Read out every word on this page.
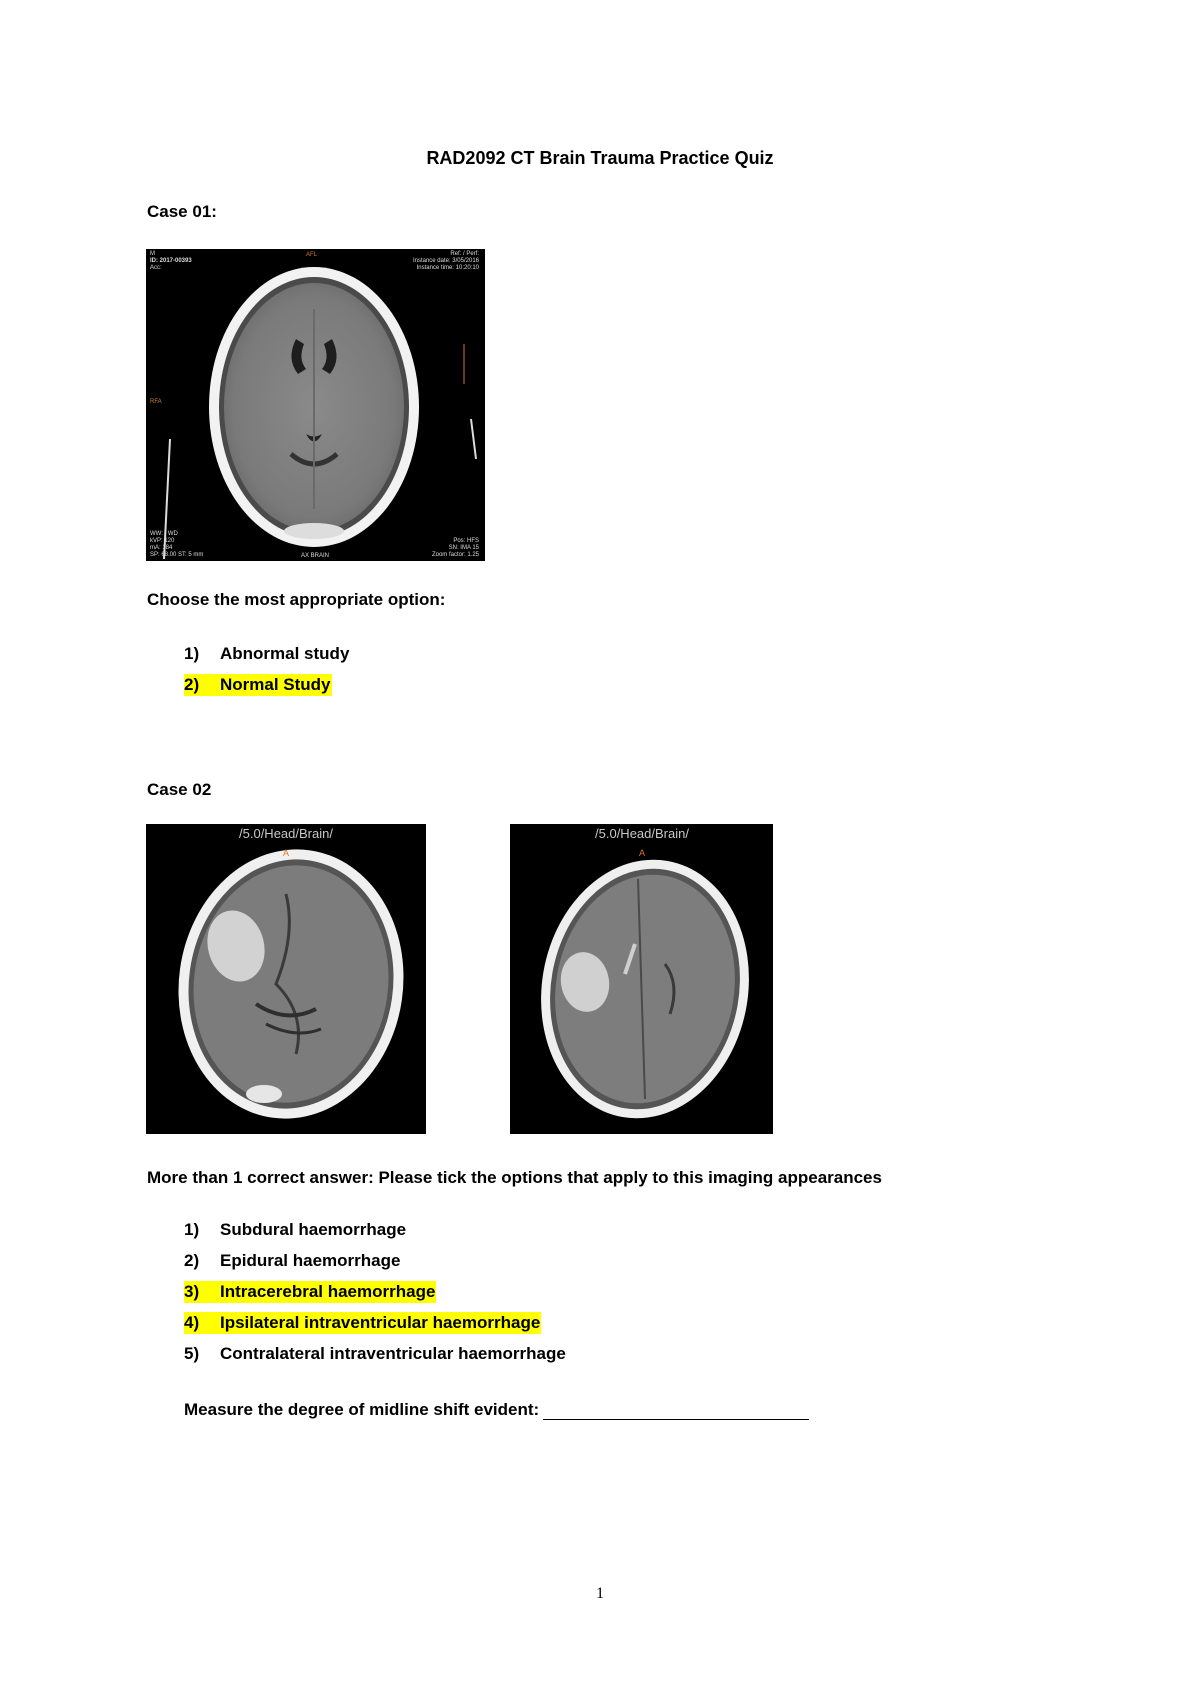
RAD2092 CT Brain Trauma Practice Quiz
Case 01:
M
ID: 2017-00393
Acc:
AFL	Ref: / Perf:
Instance date: 3/05/2016
Instance time: 10:20:10
RFA
WW: / WD
kVP: 120
mA: 184
SP: 68.00 ST: 5 mm	AX BRAIN
Pos: HFS
SN: IMA 15
Zoom factor: 1.25
Choose the most appropriate option:
1) Abnormal study
2) Normal Study
Case 02
/5.0/Head/Brain/
A
/5.0/Head/Brain/
A
More than 1 correct answer: Please tick the options that apply to this imaging appearances
1) Subdural haemorrhage
2) Epidural haemorrhage
3) Intracerebral haemorrhage
4) Ipsilateral intraventricular haemorrhage
5) Contralateral intraventricular haemorrhage
Measure the degree of midline shift evident:
1
